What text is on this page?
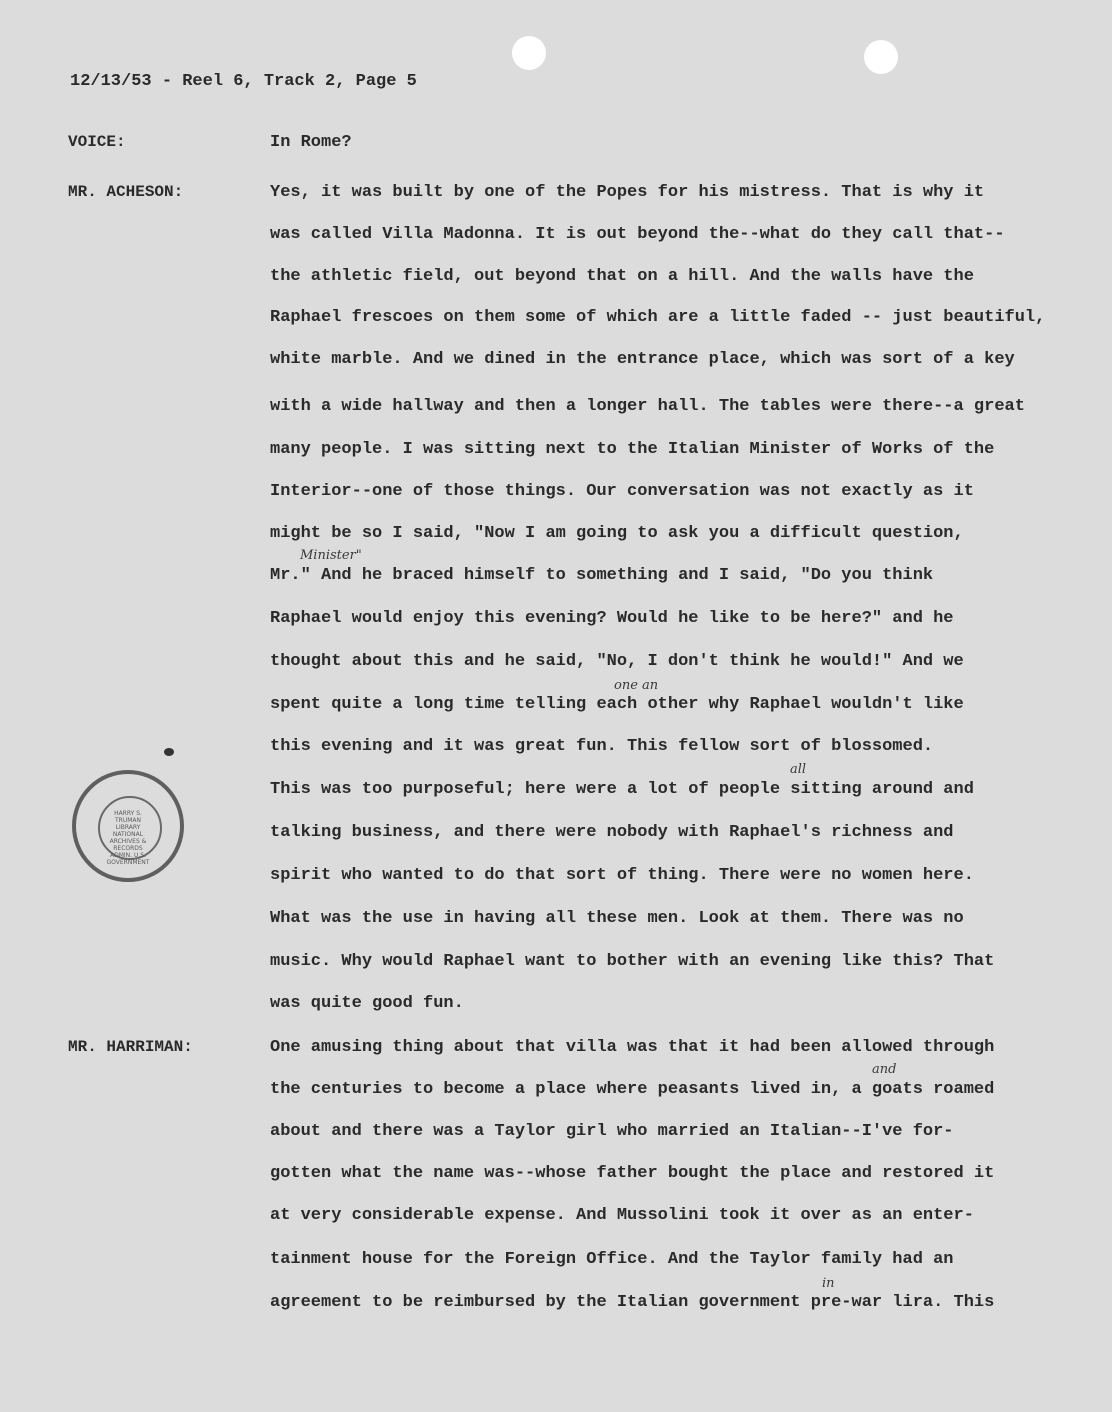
12/13/53 - Reel 6, Track 2, Page 5
VOICE:
MR. ACHESON:
MR. HARRIMAN:
In Rome?
Yes, it was built by one of the Popes for his mistress. That is why it
was called Villa Madonna. It is out beyond the--what do they call that--
the athletic field, out beyond that on a hill. And the walls have the
Raphael frescoes on them some of which are a little faded -- just beautiful,
white marble. And we dined in the entrance place, which was sort of a key
with a wide hallway and then a longer hall. The tables were there--a great
many people. I was sitting next to the Italian Minister of Works of the
Interior--one of those things. Our conversation was not exactly as it
might be so I said, "Now I am going to ask you a difficult question,
Mr." And he braced himself to something and I said, "Do you think
Raphael would enjoy this evening? Would he like to be here?" and he
thought about this and he said, "No, I don't think he would!" And we
spent quite a long time telling each other why Raphael wouldn't like
this evening and it was great fun. This fellow sort of blossomed.
This was too purposeful; here were a lot of people sitting around and
talking business, and there were nobody with Raphael's richness and
spirit who wanted to do that sort of thing. There were no women here.
What was the use in having all these men. Look at them. There was no
music. Why would Raphael want to bother with an evening like this? That
was quite good fun.
One amusing thing about that villa was that it had been allowed through
the centuries to become a place where peasants lived in, a goats roamed
about and there was a Taylor girl who married an Italian--I've for-
gotten what the name was--whose father bought the place and restored it
at very considerable expense. And Mussolini took it over as an enter-
tainment house for the Foreign Office. And the Taylor family had an
agreement to be reimbursed by the Italian government pre-war lira. This
Minister"
one an
all
and
in
HARRY S. TRUMAN LIBRARY NATIONAL ARCHIVES & RECORDS ADMIN. U.S. GOVERNMENT
